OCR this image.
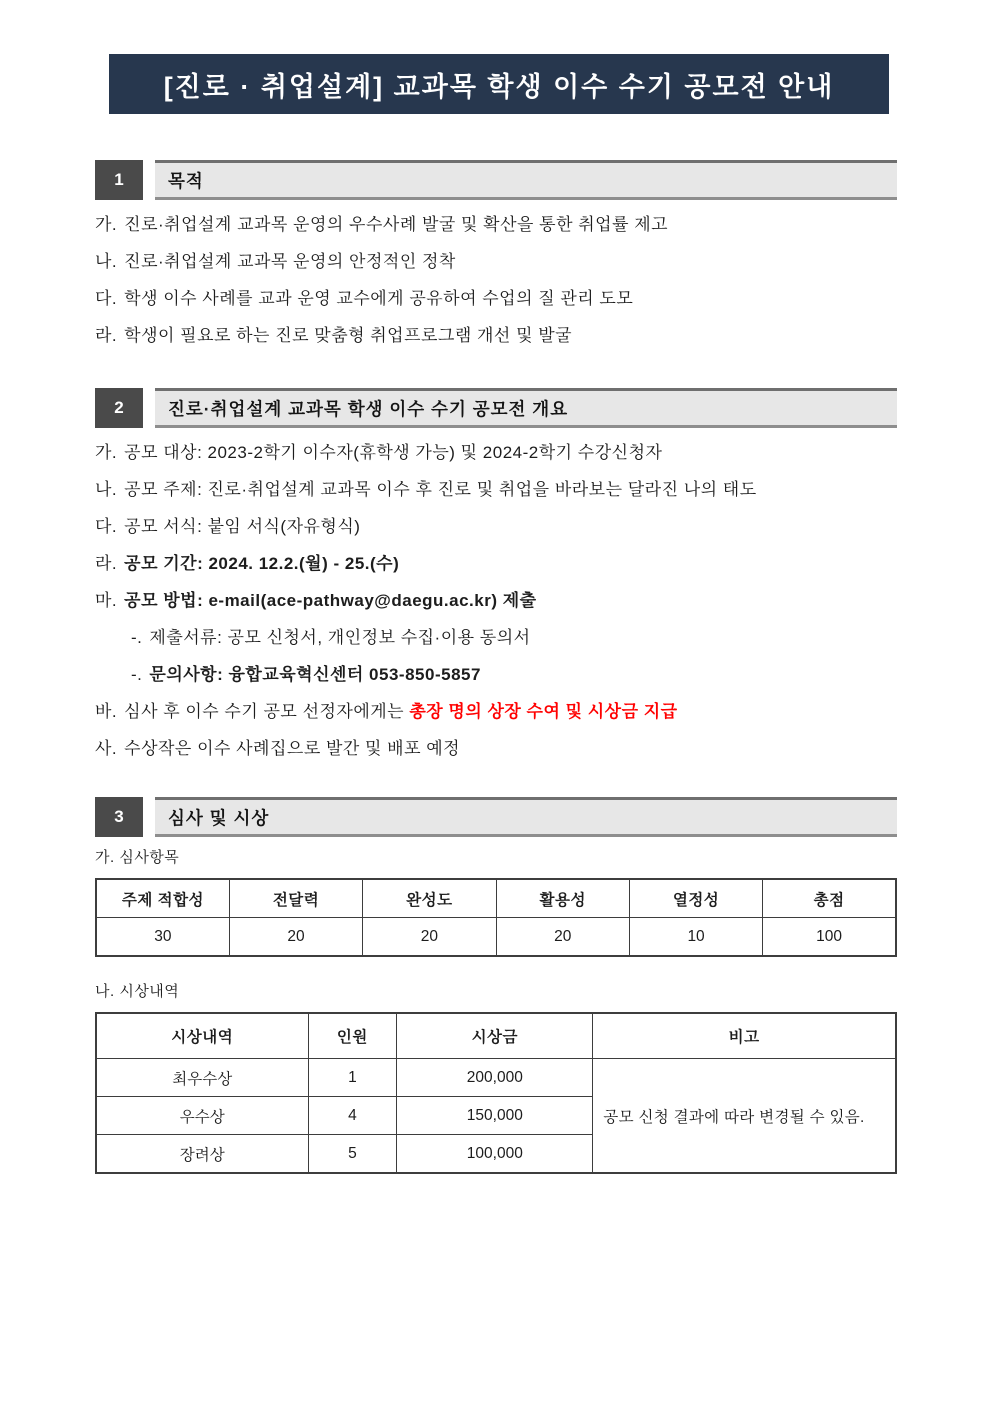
[진로 · 취업설계] 교과목 학생 이수 수기 공모전 안내
1	목적
가. 진로·취업설계 교과목 운영의 우수사례 발굴 및 확산을 통한 취업률 제고
나. 진로·취업설계 교과목 운영의 안정적인 정착
다. 학생 이수 사례를 교과 운영 교수에게 공유하여 수업의 질 관리 도모
라. 학생이 필요로 하는 진로 맞춤형 취업프로그램 개선 및 발굴
2	진로·취업설계 교과목 학생 이수 수기 공모전 개요
가. 공모 대상: 2023-2학기 이수자(휴학생 가능) 및 2024-2학기 수강신청자
나. 공모 주제: 진로·취업설계 교과목 이수 후 진로 및 취업을 바라보는 달라진 나의 태도
다. 공모 서식: 붙임 서식(자유형식)
라. 공모 기간: 2024. 12.2.(월) - 25.(수)
마. 공모 방법: e-mail(ace-pathway@daegu.ac.kr) 제출
-. 제출서류: 공모 신청서, 개인정보 수집·이용 동의서
-. 문의사항: 융합교육혁신센터 053-850-5857
바. 심사 후 이수 수기 공모 선정자에게는 총장 명의 상장 수여 및 시상금 지급
사. 수상작은 이수 사례집으로 발간 및 배포 예정
3	심사 및 시상
가. 심사항목
주제 적합성	전달력	완성도	활용성	열정성	총점
30	20	20	20	10	100
나. 시상내역
시상내역	인원	시상금	비고
최우수상	1	200,000	공모 신청 결과에 따라 변경될 수 있음.
우수상	4	150,000	
장려상	5	100,000	
